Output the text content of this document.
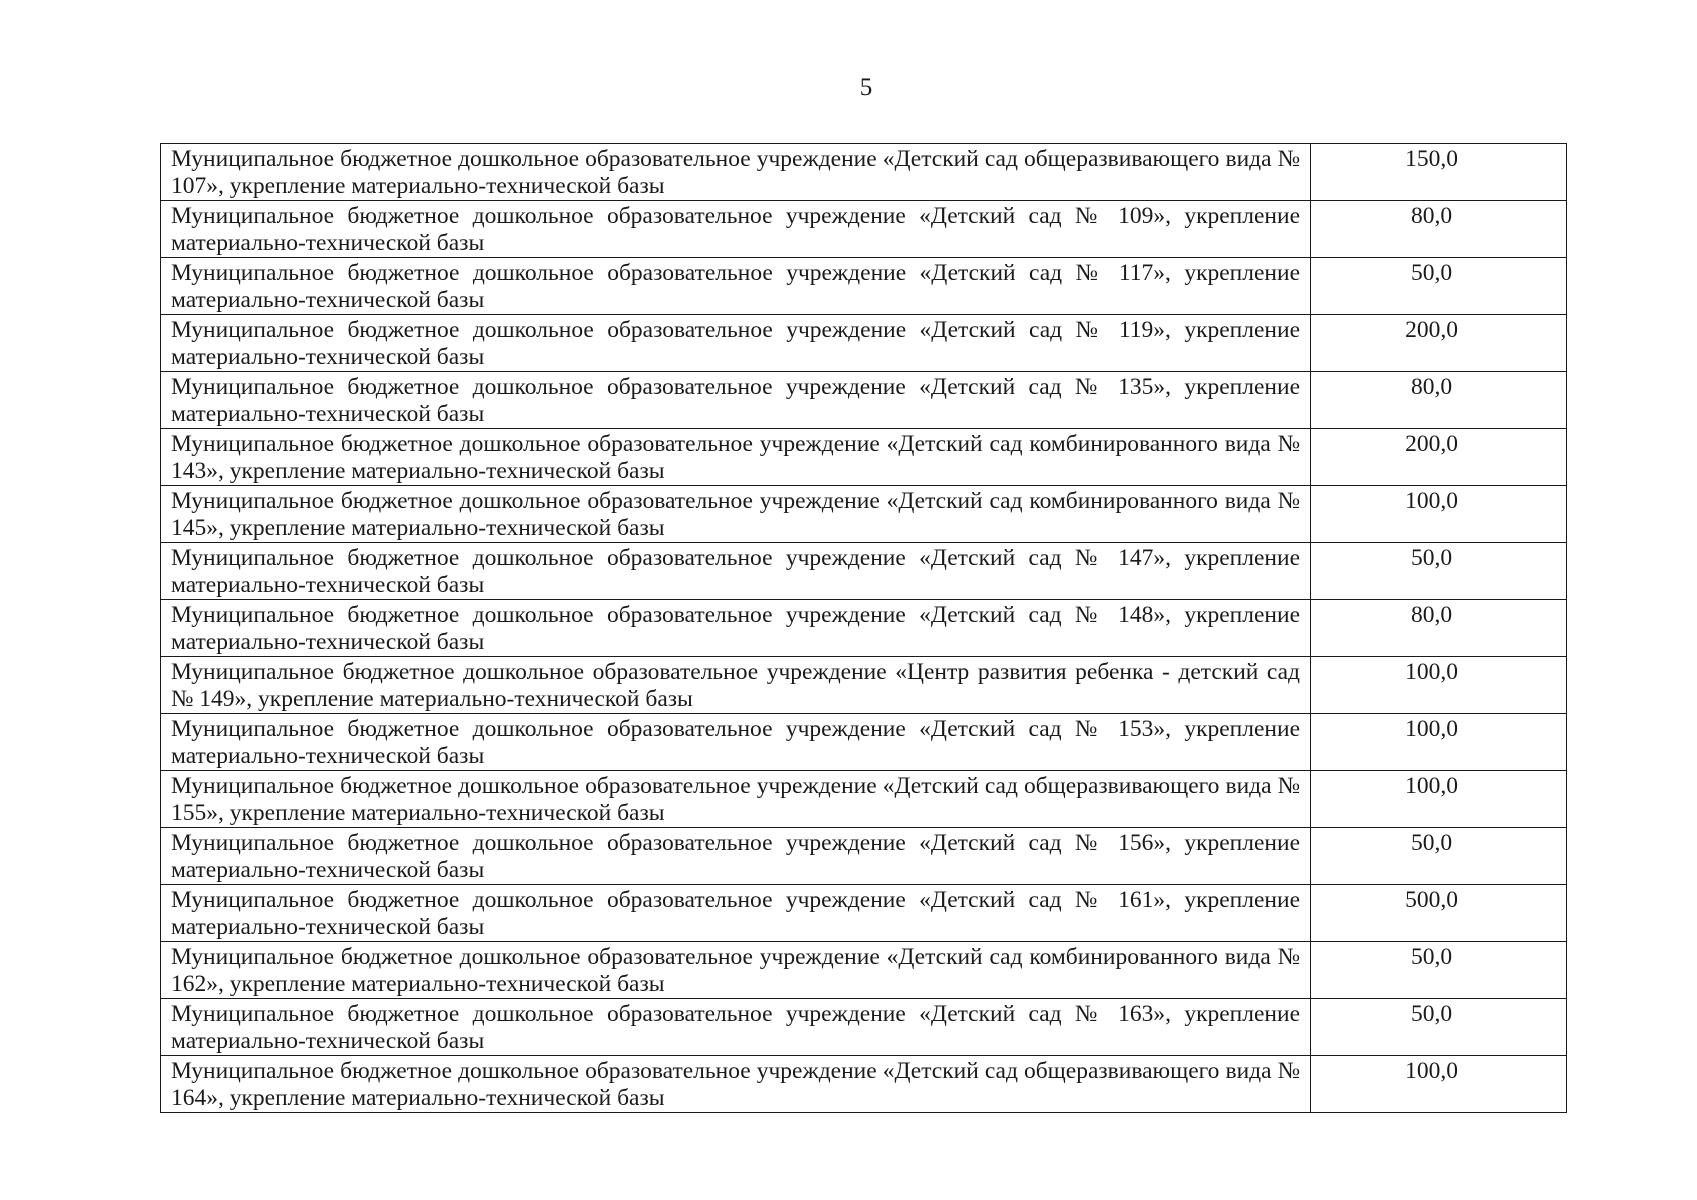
5
Муниципальное бюджетное дошкольное образовательное учреждение «Детский сад общеразвивающего вида № 107», укрепление материально-технической базы	150,0
Муниципальное бюджетное дошкольное образовательное учреждение «Детский сад № 109», укрепление материально-технической базы	80,0
Муниципальное бюджетное дошкольное образовательное учреждение «Детский сад № 117», укрепление материально-технической базы	50,0
Муниципальное бюджетное дошкольное образовательное учреждение «Детский сад № 119», укрепление материально-технической базы	200,0
Муниципальное бюджетное дошкольное образовательное учреждение «Детский сад № 135», укрепление материально-технической базы	80,0
Муниципальное бюджетное дошкольное образовательное учреждение «Детский сад комбинированного вида № 143», укрепление материально-технической базы	200,0
Муниципальное бюджетное дошкольное образовательное учреждение «Детский сад комбинированного вида № 145», укрепление материально-технической базы	100,0
Муниципальное бюджетное дошкольное образовательное учреждение «Детский сад № 147», укрепление материально-технической базы	50,0
Муниципальное бюджетное дошкольное образовательное учреждение «Детский сад № 148», укрепление материально-технической базы	80,0
Муниципальное бюджетное дошкольное образовательное учреждение «Центр развития ребенка - детский сад № 149», укрепление материально-технической базы	100,0
Муниципальное бюджетное дошкольное образовательное учреждение «Детский сад № 153», укрепление материально-технической базы	100,0
Муниципальное бюджетное дошкольное образовательное учреждение «Детский сад общеразвивающего вида № 155», укрепление материально-технической базы	100,0
Муниципальное бюджетное дошкольное образовательное учреждение «Детский сад № 156», укрепление материально-технической базы	50,0
Муниципальное бюджетное дошкольное образовательное учреждение «Детский сад № 161», укрепление материально-технической базы	500,0
Муниципальное бюджетное дошкольное образовательное учреждение «Детский сад комбинированного вида № 162», укрепление материально-технической базы	50,0
Муниципальное бюджетное дошкольное образовательное учреждение «Детский сад № 163», укрепление материально-технической базы	50,0
Муниципальное бюджетное дошкольное образовательное учреждение «Детский сад общеразвивающего вида № 164», укрепление материально-технической базы	100,0
